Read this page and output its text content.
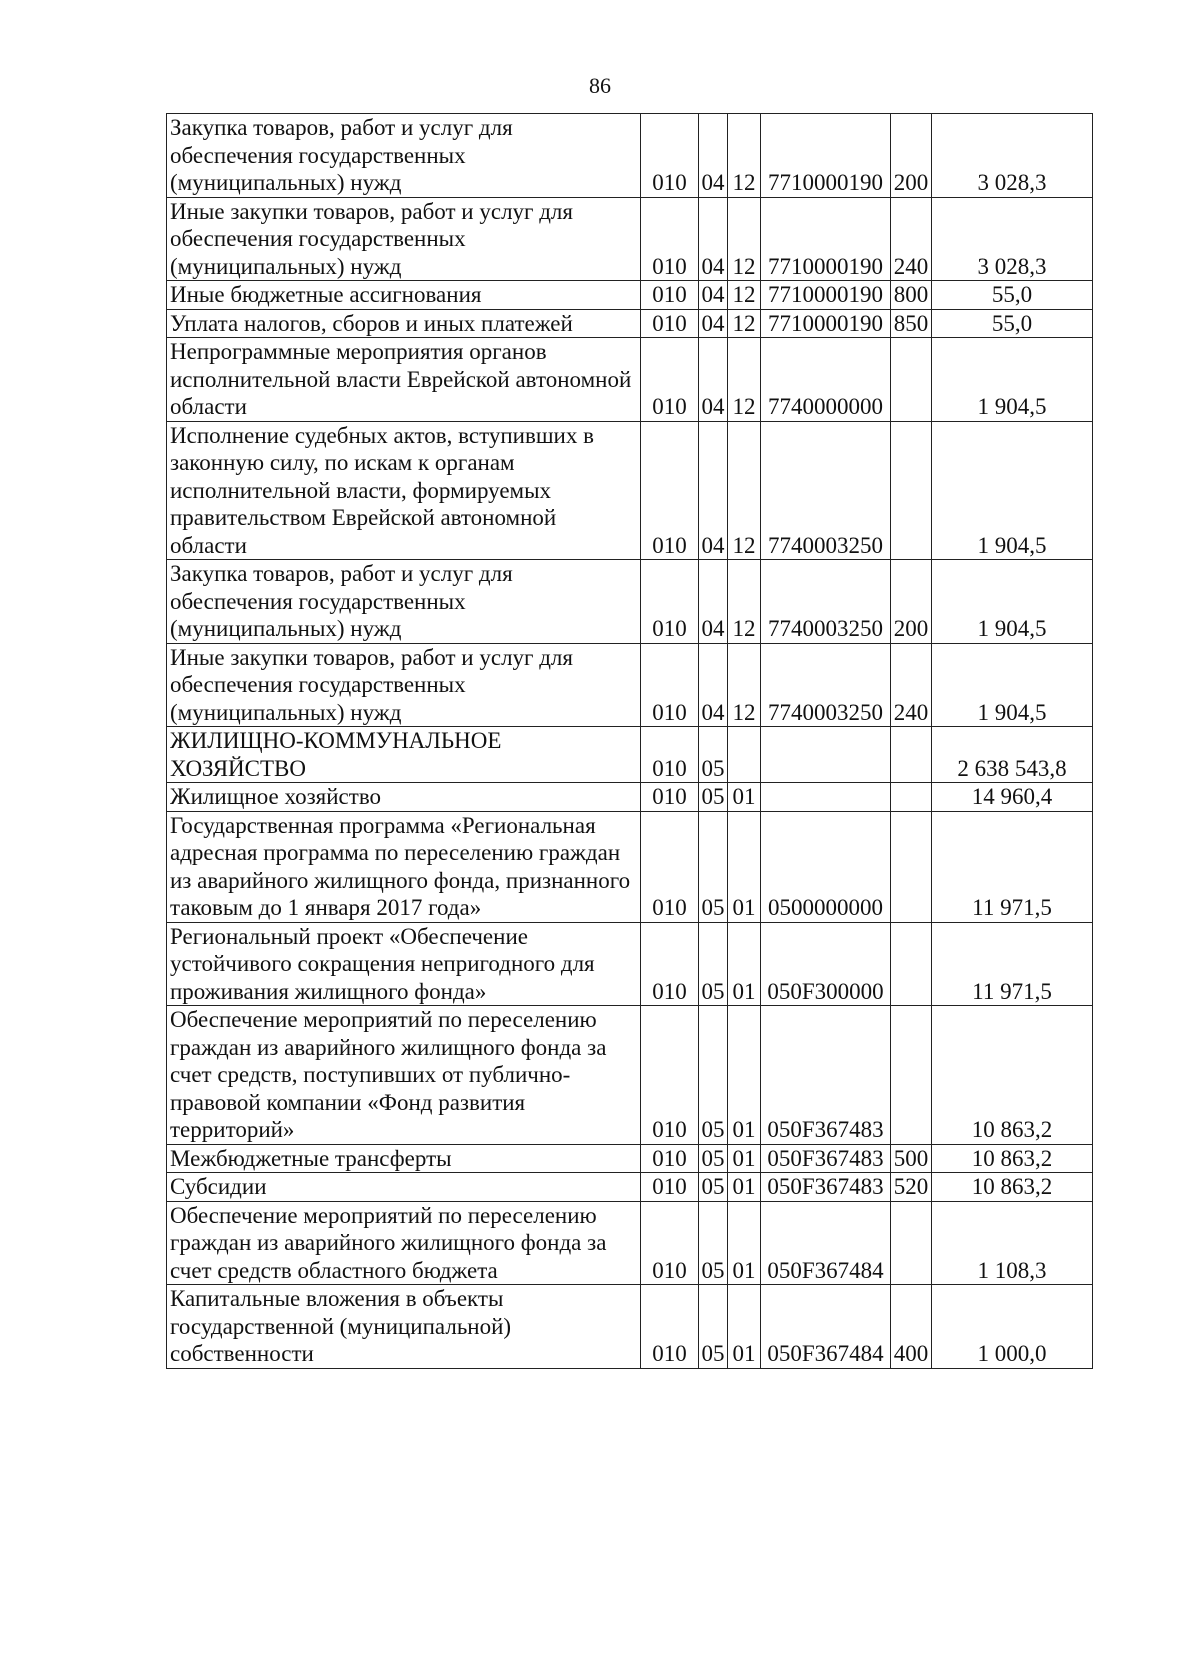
86
Закупка товаров, работ и услуг для обеспечения государственных (муниципальных) нужд	010	04	12	7710000190	200	3 028,3
Иные закупки товаров, работ и услуг для обеспечения государственных (муниципальных) нужд	010	04	12	7710000190	240	3 028,3
Иные бюджетные ассигнования	010	04	12	7710000190	800	55,0
Уплата налогов, сборов и иных платежей	010	04	12	7710000190	850	55,0
Непрограммные мероприятия органов исполнительной власти Еврейской автономной области	010	04	12	7740000000		1 904,5
Исполнение судебных актов, вступивших в законную силу, по искам к органам исполнительной власти, формируемых правительством Еврейской автономной области	010	04	12	7740003250		1 904,5
Закупка товаров, работ и услуг для обеспечения государственных (муниципальных) нужд	010	04	12	7740003250	200	1 904,5
Иные закупки товаров, работ и услуг для обеспечения государственных (муниципальных) нужд	010	04	12	7740003250	240	1 904,5
ЖИЛИЩНО-КОММУНАЛЬНОЕ ХОЗЯЙСТВО	010	05				2 638 543,8
Жилищное хозяйство	010	05	01			14 960,4
Государственная программа «Региональная адресная программа по переселению граждан из аварийного жилищного фонда, признанного таковым до 1 января 2017 года»	010	05	01	0500000000		11 971,5
Региональный проект «Обеспечение устойчивого сокращения непригодного для проживания жилищного фонда»	010	05	01	050F300000		11 971,5
Обеспечение мероприятий по переселению граждан из аварийного жилищного фонда за счет средств, поступивших от публично-правовой компании «Фонд развития территорий»	010	05	01	050F367483		10 863,2
Межбюджетные трансферты	010	05	01	050F367483	500	10 863,2
Субсидии	010	05	01	050F367483	520	10 863,2
Обеспечение мероприятий по переселению граждан из аварийного жилищного фонда за счет средств областного бюджета	010	05	01	050F367484		1 108,3
Капитальные вложения в объекты государственной (муниципальной) собственности	010	05	01	050F367484	400	1 000,0
